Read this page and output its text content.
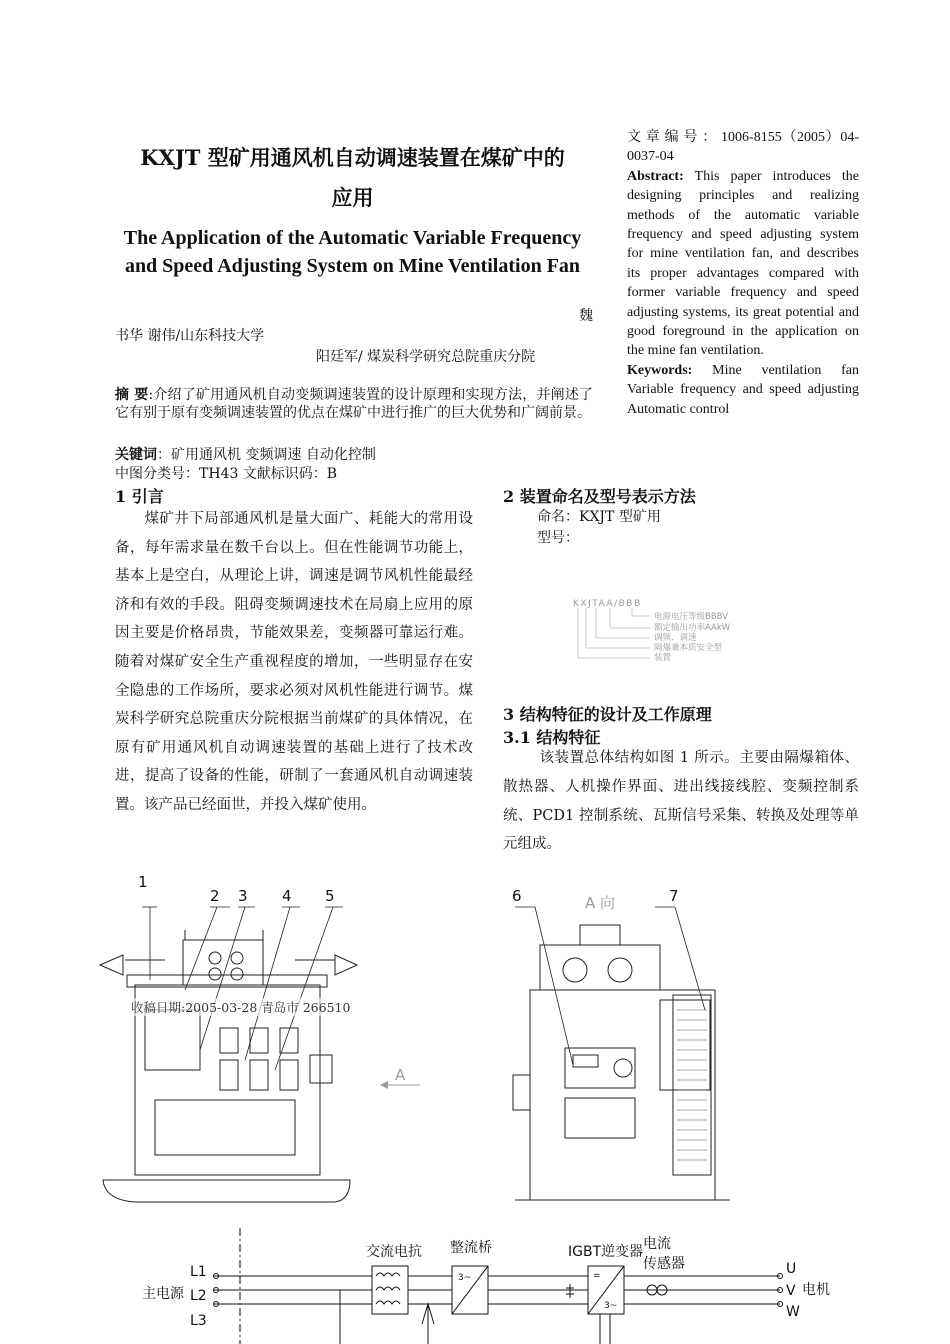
KXJT 型矿用通风机自动调速装置在煤矿中的
应用
The Application of the Automatic Variable Frequency and Speed Adjusting System on Mine Ventilation Fan
魏
书华 谢伟/山东科技大学
阳廷军/ 煤炭科学研究总院重庆分院
摘 要:介绍了矿用通风机自动变频调速装置的设计原理和实现方法，并阐述了它有别于原有变频调速装置的优点在煤矿中进行推广的巨大优势和广阔前景。
关键词：矿用通风机 变频调速 自动化控制
中图分类号：TH43 文献标识码：B
文 章 编 号 ： 1006-8155（2005）04-0037-04
Abstract: This paper introduces the designing principles and realizing methods of the automatic variable frequency and speed adjusting system for mine ventilation fan, and describes its proper advantages compared with former variable frequency and speed adjusting systems, its great potential and good foreground in the application on the mine fan ventilation.
Keywords: Mine ventilation fan Variable frequency and speed adjusting Automatic control
1 引言
煤矿井下局部通风机是量大面广、耗能大的常用设备，每年需求量在数千台以上。但在性能调节功能上，基本上是空白，从理论上讲，调速是调节风机性能最经济和有效的手段。阻碍变频调速技术在局扇上应用的原因主要是价格昂贵，节能效果差，变频器可靠运行难。随着对煤矿安全生产重视程度的增加，一些明显存在安全隐患的工作场所，要求必须对风机性能进行调节。煤炭科学研究总院重庆分院根据当前煤矿的具体情况，在原有矿用通风机自动调速装置的基础上进行了技术改进，提高了设备的性能，研制了一套通风机自动调速装置。该产品已经面世，并投入煤矿使用。
2 装置命名及型号表示方法
命名：KXJT 型矿用
型号：
KXJTAA/BBB
电源电压等级BBBV
额定输出功率AAkW
调频、调速
隔爆兼本质安全型
装置
3 结构特征的设计及工作原理
3.1 结构特征
该装置总体结构如图 1 所示。主要由隔爆箱体、散热器、人机操作界面、进出线接线腔、变频控制系统、PCD1 控制系统、瓦斯信号采集、转换及处理等单元组成。
1
2 3 4 5	6	7
A 向
A
收稿日期:2005-03-28 青岛市 266510
交流电抗 整流桥	IGBT逆变器 电流
传感器
主电源	电机
L1
L2
L3
U
V
W
3~	=
3~
